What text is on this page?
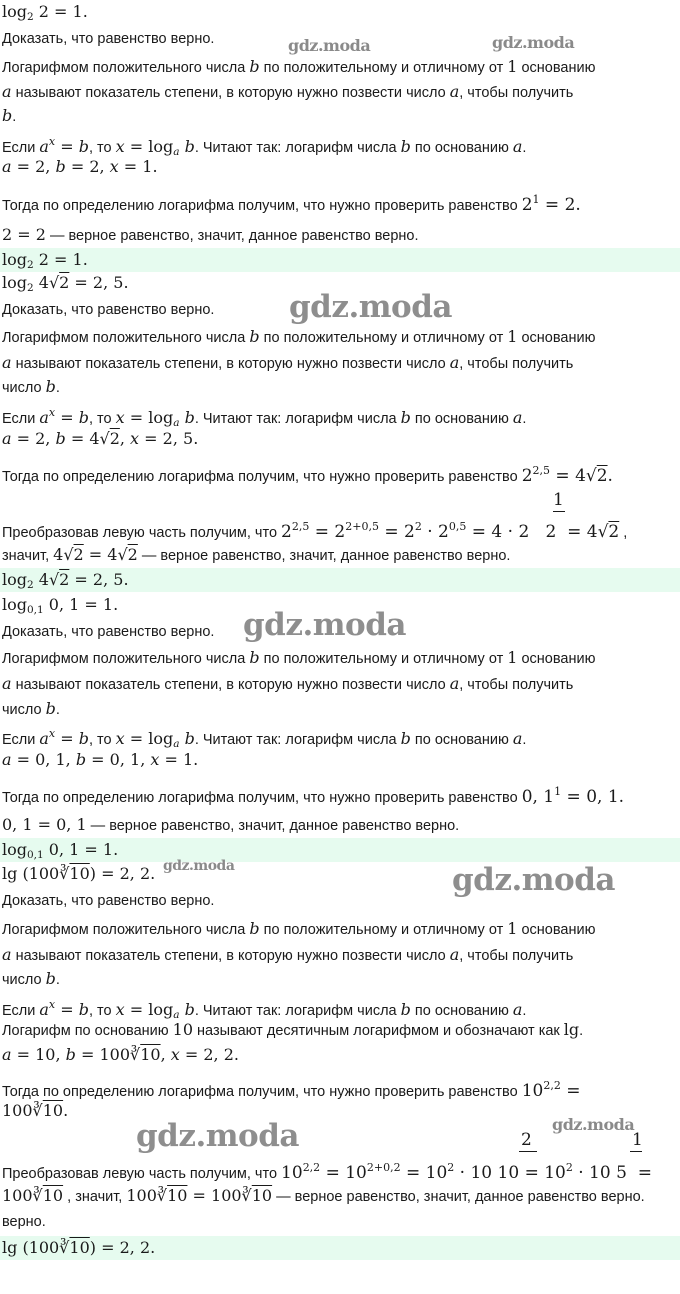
$\log_2 2 = 1$.
Доказать, что равенство верно.
Логарифмом положительного числа b по положительному и отличному от 1 основанию
a называют показатель степени, в которую нужно позвести число a, чтобы получить
b.
Если $a^x = b$, то $x = \log_a b$. Читают так: логарифм числа b по основанию a.
a = 2, b = 2, x = 1.
Тогда по определению логарифма получим, что нужно проверить равенство $2^1 = 2$.
2 = 2 — верное равенство, значит, данное равенство верно.
$\log_2 2 = 1$.
$\log_2 4√2 = 2$, 5.
Доказать, что равенство верно.
Логарифмом положительного числа b по положительному и отличному от 1 основанию
a называют показатель степени, в которую нужно позвести число a, чтобы получить
число b.
Если $a^x = b$, то $x = \log_a b$. Читают так: логарифм числа b по основанию a.
a = 2, b = 4√2, x = 2, 5.
Тогда по определению логарифма получим, что нужно проверить равенство $2^{2,5} = 4√2$.
1
Преобразовав левую часть получим, что $2^{2,5} = 2^{2+0,5} = 2^2 \cdot 2^{0,5} = 4 \cdot 2$   2  = 4√2 ,
значит, 4√2 = 4√2 — верное равенство, значит, данное равенство верно.
$\log_2 4√2 = 2$, 5.
$\log_{0,1} 0$, 1 = 1.
Доказать, что равенство верно.
Логарифмом положительного числа b по положительному и отличному от 1 основанию
a называют показатель степени, в которую нужно позвести число a, чтобы получить
число b.
Если $a^x = b$, то $x = \log_a b$. Читают так: логарифм числа b по основанию a.
a = 0, 1, b = 0, 1, x = 1.
Тогда по определению логарифма получим, что нужно проверить равенство 0, $1^1 = 0$, 1.
0, 1 = 0, 1 — верное равенство, значит, данное равенство верно.
$\log_{0,1} 0$, 1 = 1.
lg (100∛10) = 2, 2.
Доказать, что равенство верно.
Логарифмом положительного числа b по положительному и отличному от 1 основанию
a называют показатель степени, в которую нужно позвести число a, чтобы получить
число b.
Если $a^x = b$, то $x = \log_a b$. Читают так: логарифм числа b по основанию a.
Логарифм по основанию 10 называют десятичным логарифмом и обозначают как lg.
a = 10, b = 100∛10, x = 2, 2.
Тогда по определению логарифма получим, что нужно проверить равенство $10^{2,2}$ =
100∛10.
2	1
Преобразовав левую часть получим, что $10^{2,2} = 10^{2+0,2} = 10^2 \cdot 10$ $10 = 10^2 \cdot 10$ 5  =
100∛10 , значит, 100∛10 = 100∛10 — верное равенство, значит, данное равенство верно.
верно.
lg (100∛10) = 2, 2.
gdz.moda	gdz.moda
gdz.moda
gdz.moda
gdz.moda	gdz.moda
gdz.moda	gdz.moda
